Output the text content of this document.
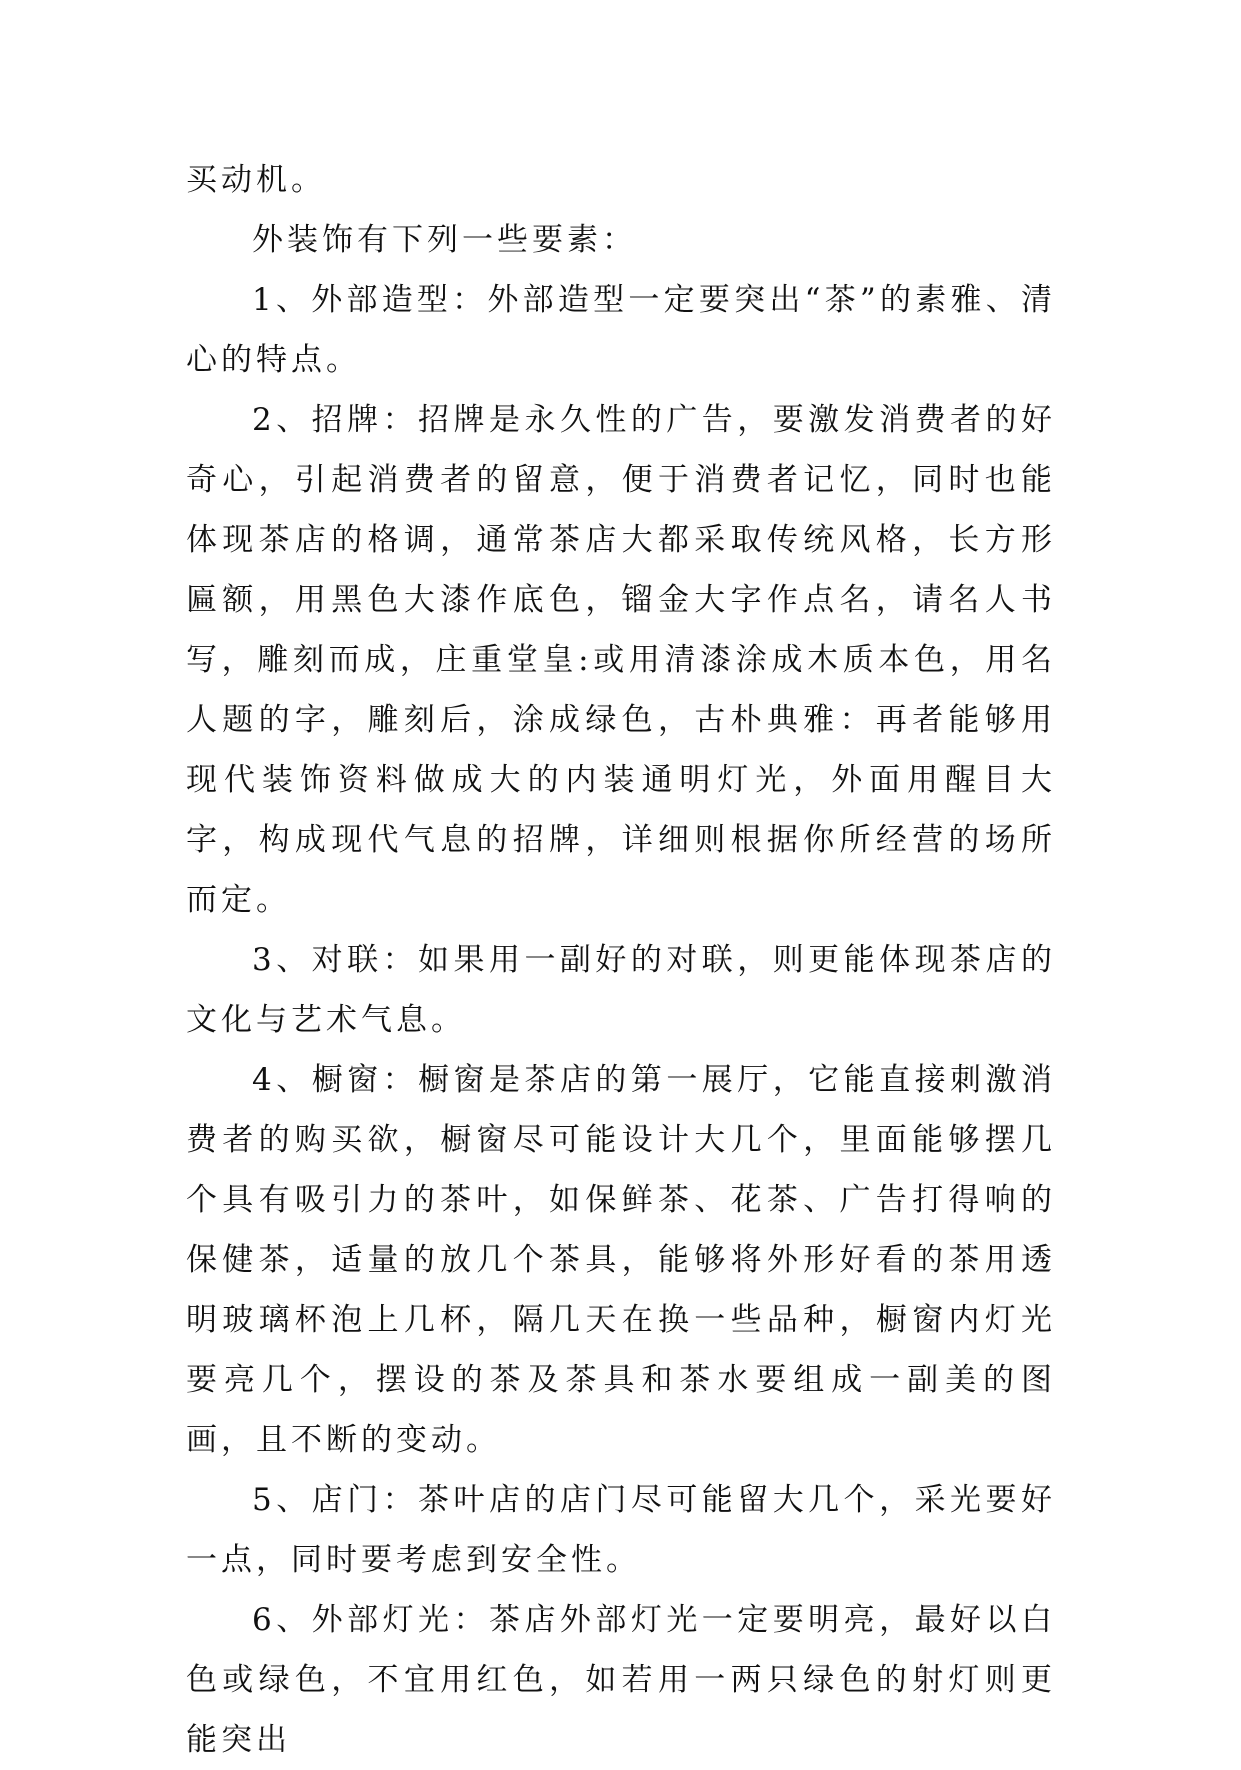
买动机。

外装饰有下列一些要素：

1、外部造型：外部造型一定要突出“茶”的素雅、清心的特点。

2、招牌：招牌是永久性的广告，要激发消费者的好奇心，引起消费者的留意，便于消费者记忆，同时也能体现茶店的格调，通常茶店大都采取传统风格，长方形匾额，用黑色大漆作底色，镏金大字作点名，请名人书写，雕刻而成，庄重堂皇:或用清漆涂成木质本色，用名人题的字，雕刻后，涂成绿色，古朴典雅：再者能够用现代装饰资料做成大的内装通明灯光，外面用醒目大字，构成现代气息的招牌，详细则根据你所经营的场所而定。

3、对联：如果用一副好的对联，则更能体现茶店的文化与艺术气息。

4、橱窗：橱窗是茶店的第一展厅，它能直接刺激消费者的购买欲，橱窗尽可能设计大几个，里面能够摆几个具有吸引力的茶叶，如保鲜茶、花茶、广告打得响的保健茶，适量的放几个茶具，能够将外形好看的茶用透明玻璃杯泡上几杯，隔几天在换一些品种，橱窗内灯光要亮几个，摆设的茶及茶具和茶水要组成一副美的图画，且不断的变动。

5、店门：茶叶店的店门尽可能留大几个，采光要好一点，同时要考虑到安全性。

6、外部灯光：茶店外部灯光一定要明亮，最好以白色或绿色，不宜用红色，如若用一两只绿色的射灯则更能突出
